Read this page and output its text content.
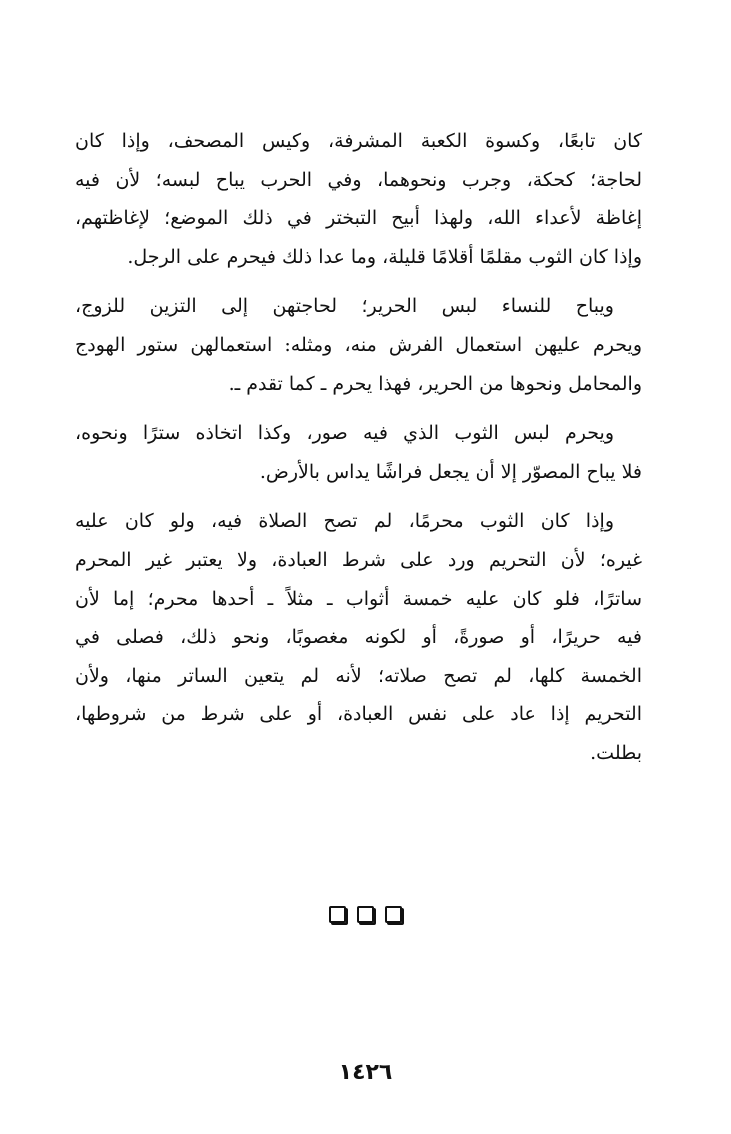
كان تابعًا، وكسوة الكعبة المشرفة، وكيس المصحف، وإذا كان
لحاجة؛ كحكة، وجرب ونحوهما، وفي الحرب يباح لبسه؛ لأن فيه
إغاظة لأعداء الله، ولهذا أبيح التبختر في ذلك الموضع؛ لإغاظتهم،
وإذا كان الثوب مقلمًا أقلامًا قليلة، وما عدا ذلك فيحرم على الرجل.
ويباح للنساء لبس الحرير؛ لحاجتهن إلى التزين للزوج،
ويحرم عليهن استعمال الفرش منه، ومثله: استعمالهن ستور الهودج
والمحامل ونحوها من الحرير، فهذا يحرم ـ كما تقدم ـ.
ويحرم لبس الثوب الذي فيه صور، وكذا اتخاذه سترًا ونحوه،
فلا يباح المصوّر إلا أن يجعل فراشًا يداس بالأرض.
وإذا كان الثوب محرمًا، لم تصح الصلاة فيه، ولو كان عليه
غيره؛ لأن التحريم ورد على شرط العبادة، ولا يعتبر غير المحرم
ساترًا، فلو كان عليه خمسة أثواب ـ مثلاً ـ أحدها محرم؛ إما لأن
فيه حريرًا، أو صورةً، أو لكونه مغصوبًا، ونحو ذلك، فصلى في
الخمسة كلها، لم تصح صلاته؛ لأنه لم يتعين الساتر منها، ولأن
التحريم إذا عاد على نفس العبادة، أو على شرط من شروطها،
بطلت.
١٤٢٦
